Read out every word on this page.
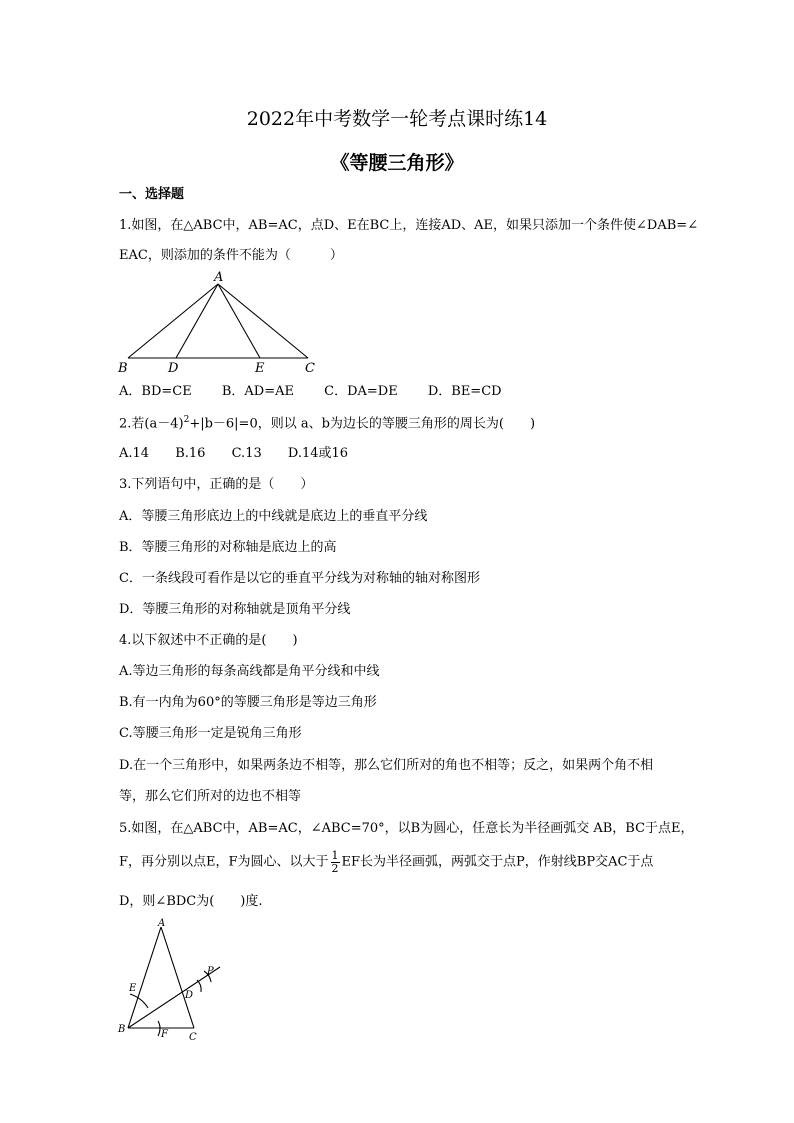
2022年中考数学一轮考点课时练14
《等腰三角形》
一、选择题
1.如图，在△ABC中，AB=AC，点D、E在BC上，连接AD、AE，如果只添加一个条件使∠DAB=∠
EAC，则添加的条件不能为（　　　）
A
B	D	E	C
A．BD=CE B．AD=AE C．DA=DE D．BE=CD
2.若$(a-4)^2+|b-6|=0$，则以 a、b为边长的等腰三角形的周长为(　　)
A.14 B.16 C.13 D.14或16
3.下列语句中，正确的是（　　）
A．等腰三角形底边上的中线就是底边上的垂直平分线
B．等腰三角形的对称轴是底边上的高
C．一条线段可看作是以它的垂直平分线为对称轴的轴对称图形
D．等腰三角形的对称轴就是顶角平分线
4.以下叙述中不正确的是(　　)
A.等边三角形的每条高线都是角平分线和中线
B.有一内角为60°的等腰三角形是等边三角形
C.等腰三角形一定是锐角三角形
D.在一个三角形中，如果两条边不相等，那么它们所对的角也不相等；反之，如果两个角不相
等，那么它们所对的边也不相等
5.如图，在△ABC中，AB=AC，∠ABC=70°，以B为圆心，任意长为半径画弧交 AB，BC于点E，
F，再分别以点E，F为圆心、以大于 $\frac{1}{2}$ EF长为半径画弧，两弧交于点P，作射线BP交AC于点
D，则∠BDC为(　　)度.
A
E
D
P
B	F C
